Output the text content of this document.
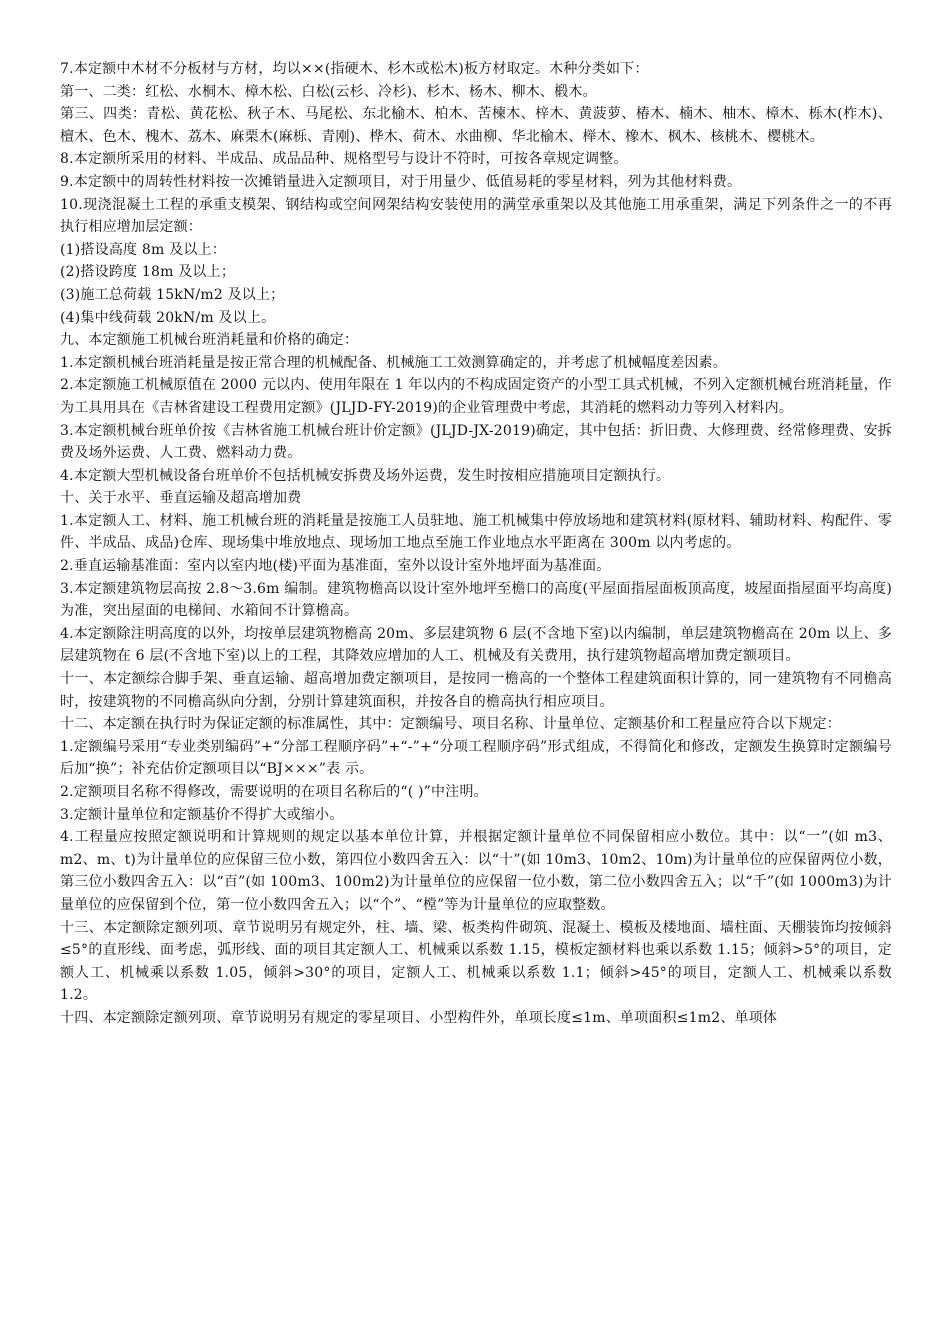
7.本定额中木材不分板材与方材，均以××(指硬木、杉木或松木)板方材取定。木种分类如下：

第一、二类：红松、水桐木、樟木松、白松(云杉、冷杉)、杉木、杨木、柳木、椴木。

第三、四类：青松、黄花松、秋子木、马尾松、东北榆木、柏木、苦楝木、梓木、黄菠萝、椿木、楠木、柚木、樟木、栎木(柞木)、檀木、色木、槐木、荔木、麻栗木(麻栎、青刚)、桦木、荷木、水曲柳、华北榆木、榉木、橡木、枫木、核桃木、樱桃木。

8.本定额所采用的材料、半成品、成品品种、规格型号与设计不符时，可按各章规定调整。

9.本定额中的周转性材料按一次摊销量进入定额项目，对于用量少、低值易耗的零星材料，列为其他材料费。

10.现浇混凝土工程的承重支模架、钢结构或空间网架结构安装使用的满堂承重架以及其他施工用承重架，满足下列条件之一的不再执行相应增加层定额：

(1)搭设高度 8m 及以上：

(2)搭设跨度 18m 及以上；

(3)施工总荷载 15kN/m2 及以上；

(4)集中线荷载 20kN/m 及以上。

九、本定额施工机械台班消耗量和价格的确定：

1.本定额机械台班消耗量是按正常合理的机械配备、机械施工工效测算确定的，并考虑了机械幅度差因素。

2.本定额施工机械原值在 2000 元以内、使用年限在 1 年以内的不构成固定资产的小型工具式机械，不列入定额机械台班消耗量，作为工具用具在《吉林省建设工程费用定额》(JLJD-FY-2019)的企业管理费中考虑，其消耗的燃料动力等列入材料内。

3.本定额机械台班单价按《吉林省施工机械台班计价定额》(JLJD-JX-2019)确定，其中包括：折旧费、大修理费、经常修理费、安拆费及场外运费、人工费、燃料动力费。

4.本定额大型机械设备台班单价不包括机械安拆费及场外运费，发生时按相应措施项目定额执行。

十、关于水平、垂直运输及超高增加费

1.本定额人工、材料、施工机械台班的消耗量是按施工人员驻地、施工机械集中停放场地和建筑材料(原材料、辅助材料、构配件、零件、半成品、成品)仓库、现场集中堆放地点、现场加工地点至施工作业地点水平距离在 300m 以内考虑的。

2.垂直运输基准面：室内以室内地(楼)平面为基准面，室外以设计室外地坪面为基准面。

3.本定额建筑物层高按 2.8～3.6m 编制。建筑物檐高以设计室外地坪至檐口的高度(平屋面指屋面板顶高度，坡屋面指屋面平均高度)为准，突出屋面的电梯间、水箱间不计算檐高。

4.本定额除注明高度的以外，均按单层建筑物檐高 20m、多层建筑物 6 层(不含地下室)以内编制，单层建筑物檐高在 20m 以上、多层建筑物在 6 层(不含地下室)以上的工程，其降效应增加的人工、机械及有关费用，执行建筑物超高增加费定额项目。

十一、本定额综合脚手架、垂直运输、超高增加费定额项目，是按同一檐高的一个整体工程建筑面积计算的，同一建筑物有不同檐高时，按建筑物的不同檐高纵向分割，分别计算建筑面积，并按各自的檐高执行相应项目。

十二、本定额在执行时为保证定额的标准属性，其中：定额编号、项目名称、计量单位、定额基价和工程量应符合以下规定：

1.定额编号采用“专业类别编码”+“分部工程顺序码”+“-”+“分项工程顺序码”形式组成，不得简化和修改，定额发生换算时定额编号后加“换”；补充估价定额项目以“BJ×××”表 示。

2.定额项目名称不得修改，需要说明的在项目名称后的“( )”中注明。

3.定额计量单位和定额基价不得扩大或缩小。

4.工程量应按照定额说明和计算规则的规定以基本单位计算，并根据定额计量单位不同保留相应小数位。其中：以“一”(如 m3、m2、m、t)为计量单位的应保留三位小数，第四位小数四舍五入：以“十”(如 10m3、10m2、10m)为计量单位的应保留两位小数，第三位小数四舍五入：以“百”(如 100m3、100m2)为计量单位的应保留一位小数，第二位小数四舍五入；以“千”(如 1000m3)为计量单位的应保留到个位，第一位小数四舍五入；以“个”、“樘”等为计量单位的应取整数。

十三、本定额除定额列项、章节说明另有规定外，柱、墙、梁、板类构件砌筑、混凝土、模板及楼地面、墙柱面、天棚装饰均按倾斜≤5°的直形线、面考虑，弧形线、面的项目其定额人工、机械乘以系数 1.15，模板定额材料也乘以系数 1.15；倾斜>5°的项目，定额人工、机械乘以系数 1.05，倾斜>30°的项目，定额人工、机械乘以系数 1.1；倾斜>45°的项目，定额人工、机械乘以系数 1.2。

十四、本定额除定额列项、章节说明另有规定的零星项目、小型构件外，单项长度≤1m、单项面积≤1m2、单项体
